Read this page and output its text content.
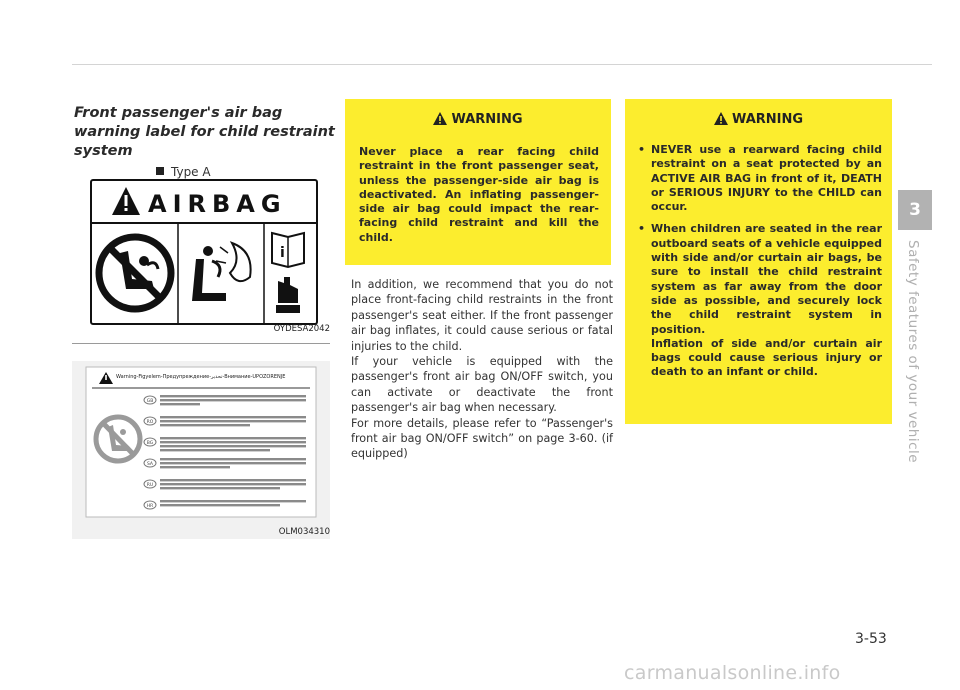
Front passenger's air bag warning label for child restraint system
AIRBAG
i
Type A
OYDESA2042
GB
RO
BG
SA
RU
HR
Warning-Figyelem-Предупреждение-تحذير-Внимание-UPOZORENJE
OLM034310
WARNING
Never place a rear facing child restraint in the front passenger seat, unless the passenger-side air bag is deactivated. An inflating passenger-side air bag could impact the rear-facing child restraint and kill the child.

In addition, we recommend that you do not place front-facing child restraints in the front passenger's seat either. If the front passenger air bag inflates, it could cause serious or fatal injuries to the child.

If your vehicle is equipped with the passenger's front air bag ON/OFF switch, you can activate or deactivate the front passenger's air bag when necessary.

For more details, please refer to “Passenger's front air bag ON/OFF switch” on page 3-60. (if equipped)

WARNING
• NEVER use a rearward facing child restraint on a seat protected by an ACTIVE AIR BAG in front of it, DEATH or SERIOUS INJURY to the CHILD can occur.
• When children are seated in the rear outboard seats of a vehicle equipped with side and/or curtain air bags, be sure to install the child restraint system as far away from the door side as possible, and securely lock the child restraint system in position.
Inflation of side and/or curtain air bags could cause serious injury or death to an infant or child.
3
Safety features of your vehicle
3-53
carmanualsonline.info
